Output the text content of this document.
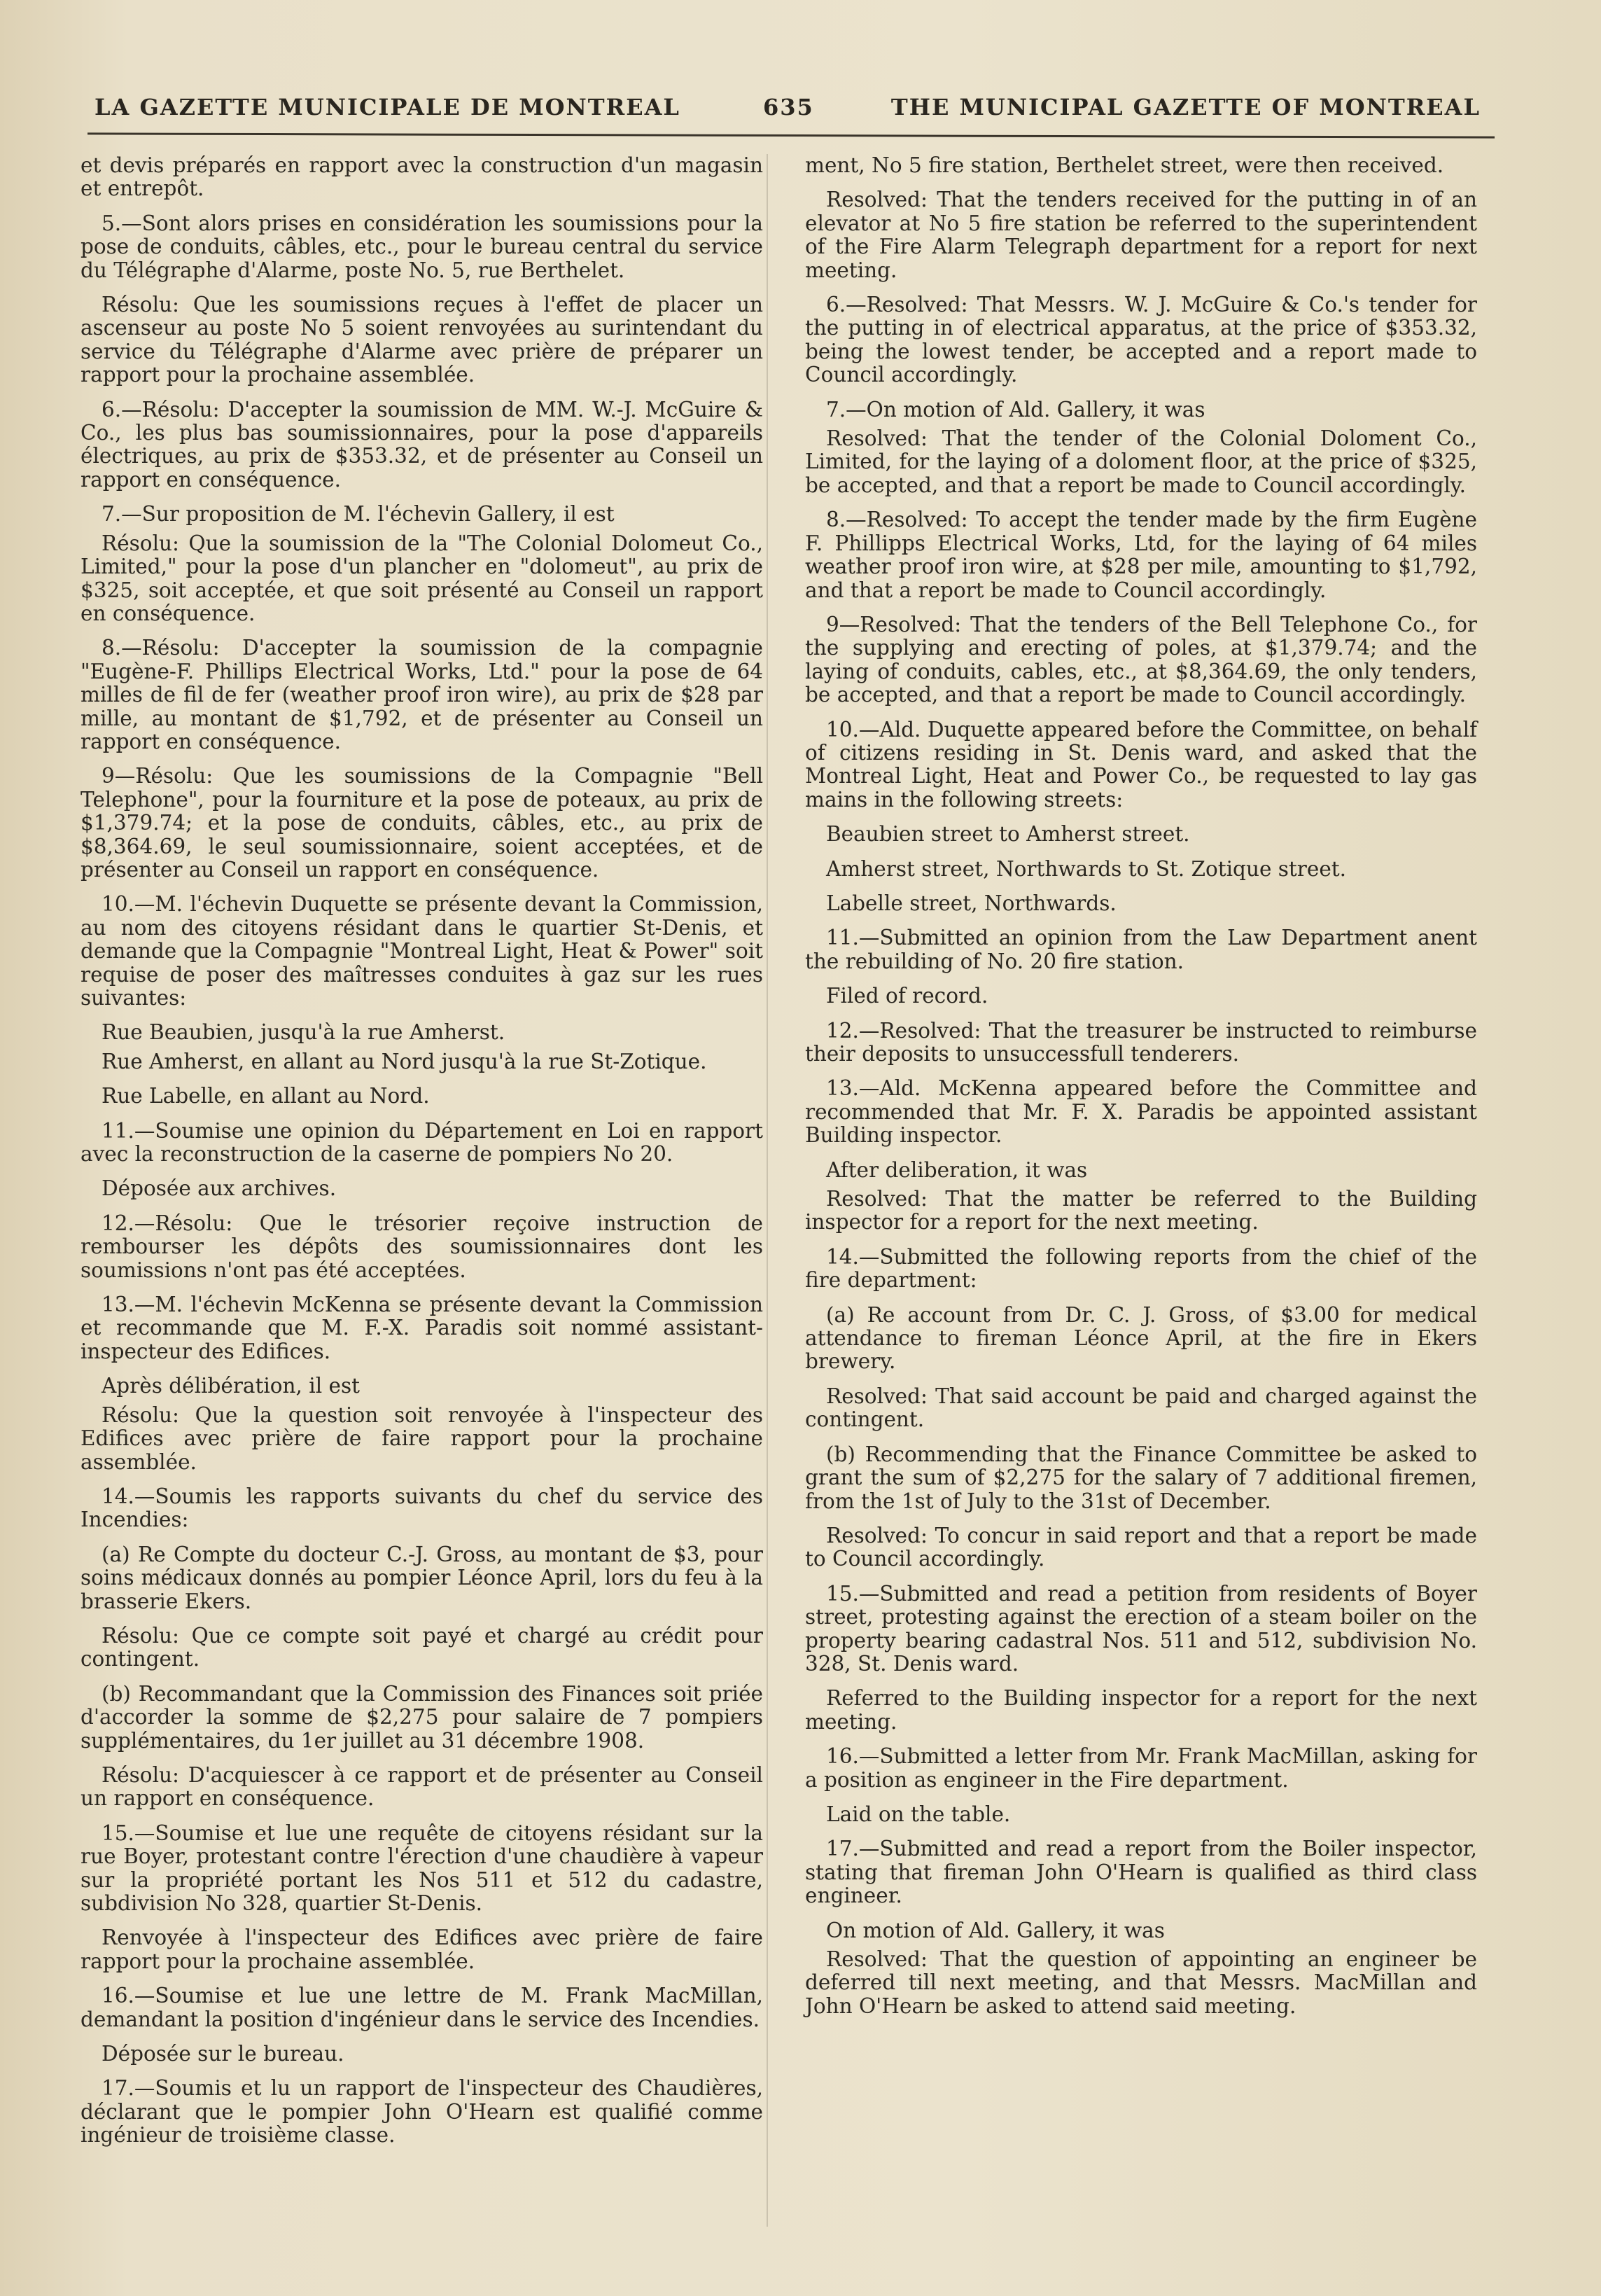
LA GAZETTE MUNICIPALE DE MONTREAL	635	THE MUNICIPAL GAZETTE OF MONTREAL

et devis préparés en rapport avec la construction d'un magasin et entrepôt.

5.—Sont alors prises en considération les soumissions pour la pose de conduits, câbles, etc., pour le bureau central du service du Télégraphe d'Alarme, poste No. 5, rue Berthelet.

Résolu: Que les soumissions reçues à l'effet de placer un ascenseur au poste No 5 soient renvoyées au surintendant du service du Télégraphe d'Alarme avec prière de préparer un rapport pour la prochaine assemblée.

6.—Résolu: D'accepter la soumission de MM. W.-J. McGuire & Co., les plus bas soumissionnaires, pour la pose d'appareils électriques, au prix de $353.32, et de présenter au Conseil un rapport en conséquence.

7.—Sur proposition de M. l'échevin Gallery, il est

Résolu: Que la soumission de la "The Colonial Dolomeut Co., Limited," pour la pose d'un plancher en "dolomeut", au prix de $325, soit acceptée, et que soit présenté au Conseil un rapport en conséquence.

8.—Résolu: D'accepter la soumission de la compagnie "Eugène-F. Phillips Electrical Works, Ltd." pour la pose de 64 milles de fil de fer (weather proof iron wire), au prix de $28 par mille, au montant de $1,792, et de présenter au Conseil un rapport en conséquence.

9—Résolu: Que les soumissions de la Compagnie "Bell Telephone", pour la fourniture et la pose de poteaux, au prix de $1,379.74; et la pose de conduits, câbles, etc., au prix de $8,364.69, le seul soumissionnaire, soient acceptées, et de présenter au Conseil un rapport en conséquence.

10.—M. l'échevin Duquette se présente devant la Commission, au nom des citoyens résidant dans le quartier St-Denis, et demande que la Compagnie "Montreal Light, Heat & Power" soit requise de poser des maîtresses conduites à gaz sur les rues suivantes:

Rue Beaubien, jusqu'à la rue Amherst.

Rue Amherst, en allant au Nord jusqu'à la rue St-Zotique.

Rue Labelle, en allant au Nord.

11.—Soumise une opinion du Département en Loi en rapport avec la reconstruction de la caserne de pompiers No 20.

Déposée aux archives.

12.—Résolu: Que le trésorier reçoive instruction de rembourser les dépôts des soumissionnaires dont les soumissions n'ont pas été acceptées.

13.—M. l'échevin McKenna se présente devant la Commission et recommande que M. F.-X. Paradis soit nommé assistant-inspecteur des Edifices.

Après délibération, il est

Résolu: Que la question soit renvoyée à l'inspecteur des Edifices avec prière de faire rapport pour la prochaine assemblée.

14.—Soumis les rapports suivants du chef du service des Incendies:

(a) Re Compte du docteur C.-J. Gross, au montant de $3, pour soins médicaux donnés au pompier Léonce April, lors du feu à la brasserie Ekers.

Résolu: Que ce compte soit payé et chargé au crédit pour contingent.

(b) Recommandant que la Commission des Finances soit priée d'accorder la somme de $2,275 pour salaire de 7 pompiers supplémentaires, du 1er juillet au 31 décembre 1908.

Résolu: D'acquiescer à ce rapport et de présenter au Conseil un rapport en conséquence.

15.—Soumise et lue une requête de citoyens résidant sur la rue Boyer, protestant contre l'érection d'une chaudière à vapeur sur la propriété portant les Nos 511 et 512 du cadastre, subdivision No 328, quartier St-Denis.

Renvoyée à l'inspecteur des Edifices avec prière de faire rapport pour la prochaine assemblée.

16.—Soumise et lue une lettre de M. Frank MacMillan, demandant la position d'ingénieur dans le service des Incendies.

Déposée sur le bureau.

17.—Soumis et lu un rapport de l'inspecteur des Chaudières, déclarant que le pompier John O'Hearn est qualifié comme ingénieur de troisième classe.

ment, No 5 fire station, Berthelet street, were then received.

Resolved: That the tenders received for the putting in of an elevator at No 5 fire station be referred to the superintendent of the Fire Alarm Telegraph department for a report for next meeting.

6.—Resolved: That Messrs. W. J. McGuire & Co.'s tender for the putting in of electrical apparatus, at the price of $353.32, being the lowest tender, be accepted and a report made to Council accordingly.

7.—On motion of Ald. Gallery, it was

Resolved: That the tender of the Colonial Doloment Co., Limited, for the laying of a doloment floor, at the price of $325, be accepted, and that a report be made to Council accordingly.

8.—Resolved: To accept the tender made by the firm Eugène F. Phillipps Electrical Works, Ltd, for the laying of 64 miles weather proof iron wire, at $28 per mile, amounting to $1,792, and that a report be made to Council accordingly.

9—Resolved: That the tenders of the Bell Telephone Co., for the supplying and erecting of poles, at $1,379.74; and the laying of conduits, cables, etc., at $8,364.69, the only tenders, be accepted, and that a report be made to Council accordingly.

10.—Ald. Duquette appeared before the Committee, on behalf of citizens residing in St. Denis ward, and asked that the Montreal Light, Heat and Power Co., be requested to lay gas mains in the following streets:

Beaubien street to Amherst street.

Amherst street, Northwards to St. Zotique street.

Labelle street, Northwards.

11.—Submitted an opinion from the Law Department anent the rebuilding of No. 20 fire station.

Filed of record.

12.—Resolved: That the treasurer be instructed to reimburse their deposits to unsuccessfull tenderers.

13.—Ald. McKenna appeared before the Committee and recommended that Mr. F. X. Paradis be appointed assistant Building inspector.

After deliberation, it was

Resolved: That the matter be referred to the Building inspector for a report for the next meeting.

14.—Submitted the following reports from the chief of the fire department:

(a) Re account from Dr. C. J. Gross, of $3.00 for medical attendance to fireman Léonce April, at the fire in Ekers brewery.

Resolved: That said account be paid and charged against the contingent.

(b) Recommending that the Finance Committee be asked to grant the sum of $2,275 for the salary of 7 additional firemen, from the 1st of July to the 31st of December.

Resolved: To concur in said report and that a report be made to Council accordingly.

15.—Submitted and read a petition from residents of Boyer street, protesting against the erection of a steam boiler on the property bearing cadastral Nos. 511 and 512, subdivision No. 328, St. Denis ward.

Referred to the Building inspector for a report for the next meeting.

16.—Submitted a letter from Mr. Frank MacMillan, asking for a position as engineer in the Fire department.

Laid on the table.

17.—Submitted and read a report from the Boiler inspector, stating that fireman John O'Hearn is qualified as third class engineer.

On motion of Ald. Gallery, it was

Resolved: That the question of appointing an engineer be deferred till next meeting, and that Messrs. MacMillan and John O'Hearn be asked to attend said meeting.
